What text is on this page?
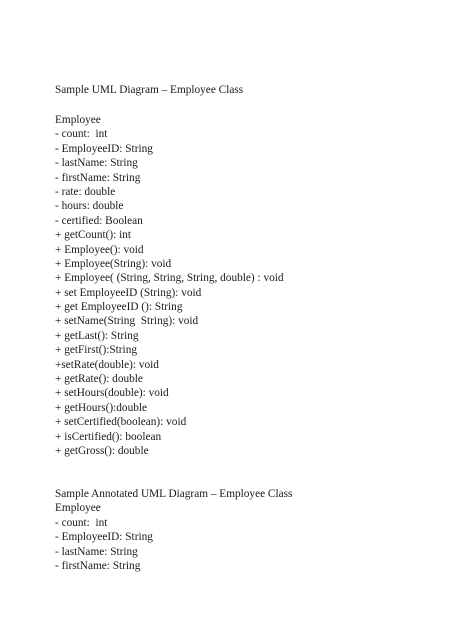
Sample UML Diagram – Employee Class
Employee
- count:  int
- EmployeeID: String
- lastName: String
- firstName: String
- rate: double
- hours: double
- certified: Boolean
+ getCount(): int
+ Employee(): void
+ Employee(String): void
+ Employee( (String, String, String, double) : void
+ set EmployeeID (String): void
+ get EmployeeID (): String
+ setName(String  String): void
+ getLast(): String
+ getFirst():String
+setRate(double): void
+ getRate(): double
+ setHours(double): void
+ getHours():double
+ setCertified(boolean): void
+ isCertified(): boolean
+ getGross(): double
Sample Annotated UML Diagram – Employee Class
Employee
- count:  int
- EmployeeID: String
- lastName: String
- firstName: String
